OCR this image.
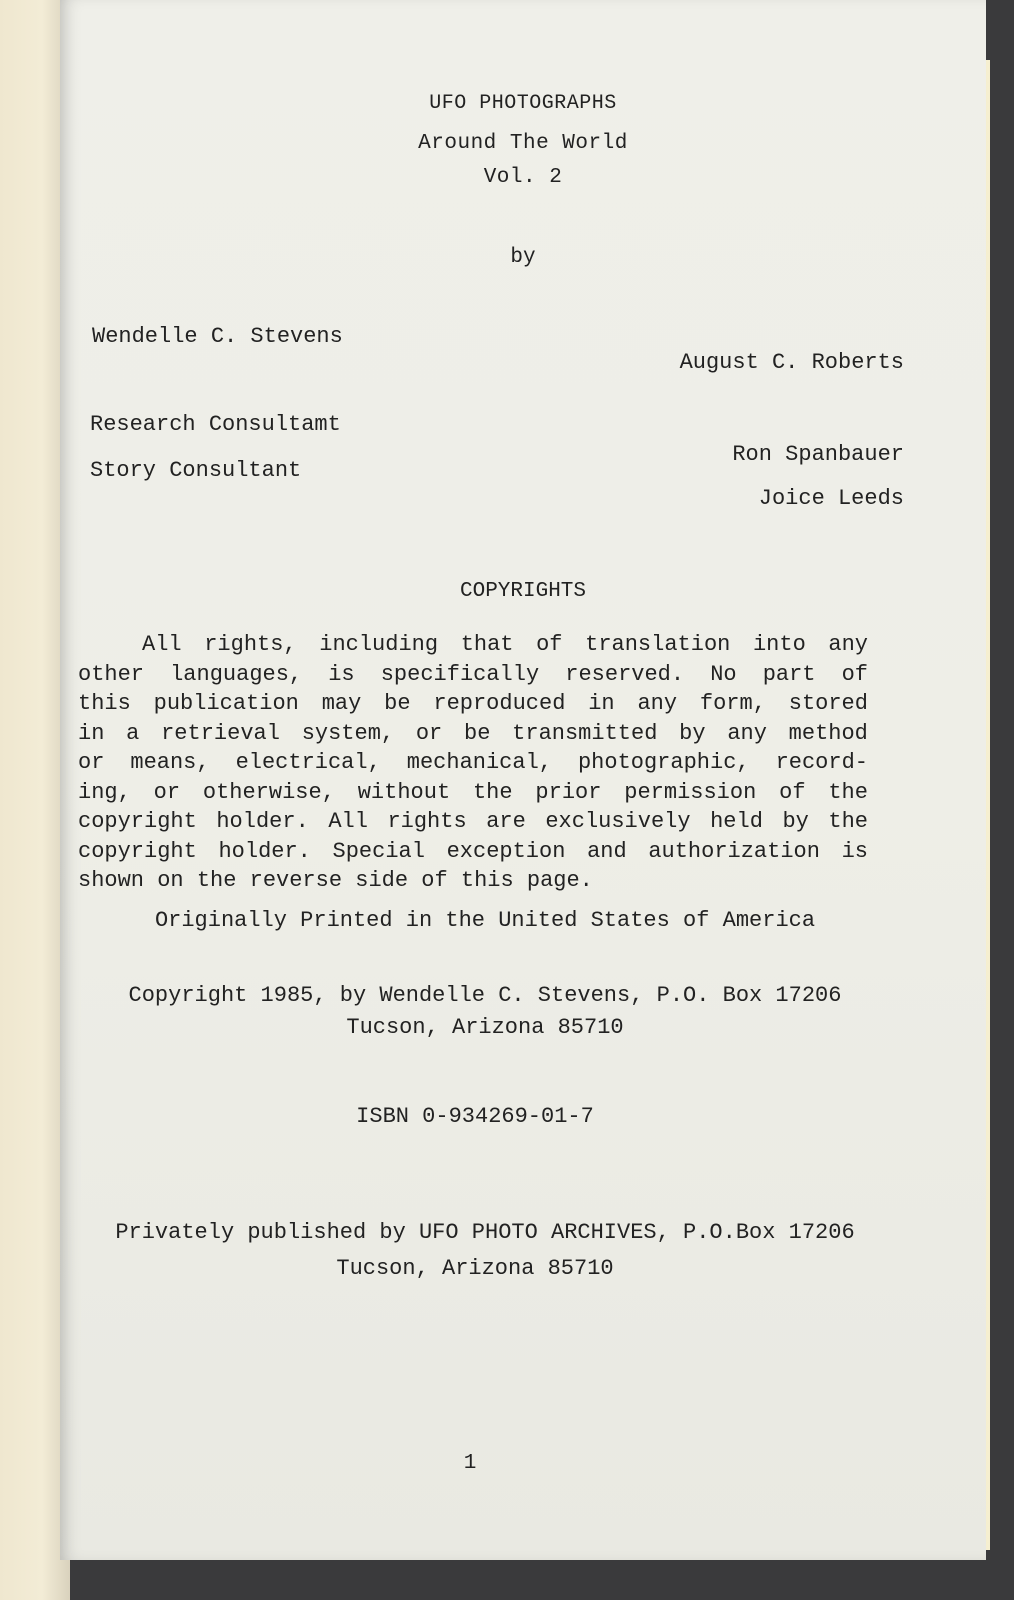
UFO PHOTOGRAPHS
Around The World
Vol. 2
by
Wendelle C. Stevens
August C. Roberts
Research Consultamt
Story Consultant
Ron Spanbauer
Joice Leeds
COPYRIGHTS
All rights, including that of translation into any
other languages, is specifically reserved. No part of
this publication may be reproduced in any form, stored
in a retrieval system, or be transmitted by any method
or means, electrical, mechanical, photographic, record-
ing, or otherwise, without the prior permission of the
copyright holder. All rights are exclusively held by the
copyright holder. Special exception and authorization is
shown on the reverse side of this page.
Originally Printed in the United States of America
Copyright 1985, by Wendelle C. Stevens, P.O. Box 17206
Tucson, Arizona 85710
ISBN 0-934269-01-7
Privately published by UFO PHOTO ARCHIVES, P.O.Box 17206
Tucson, Arizona 85710
1
